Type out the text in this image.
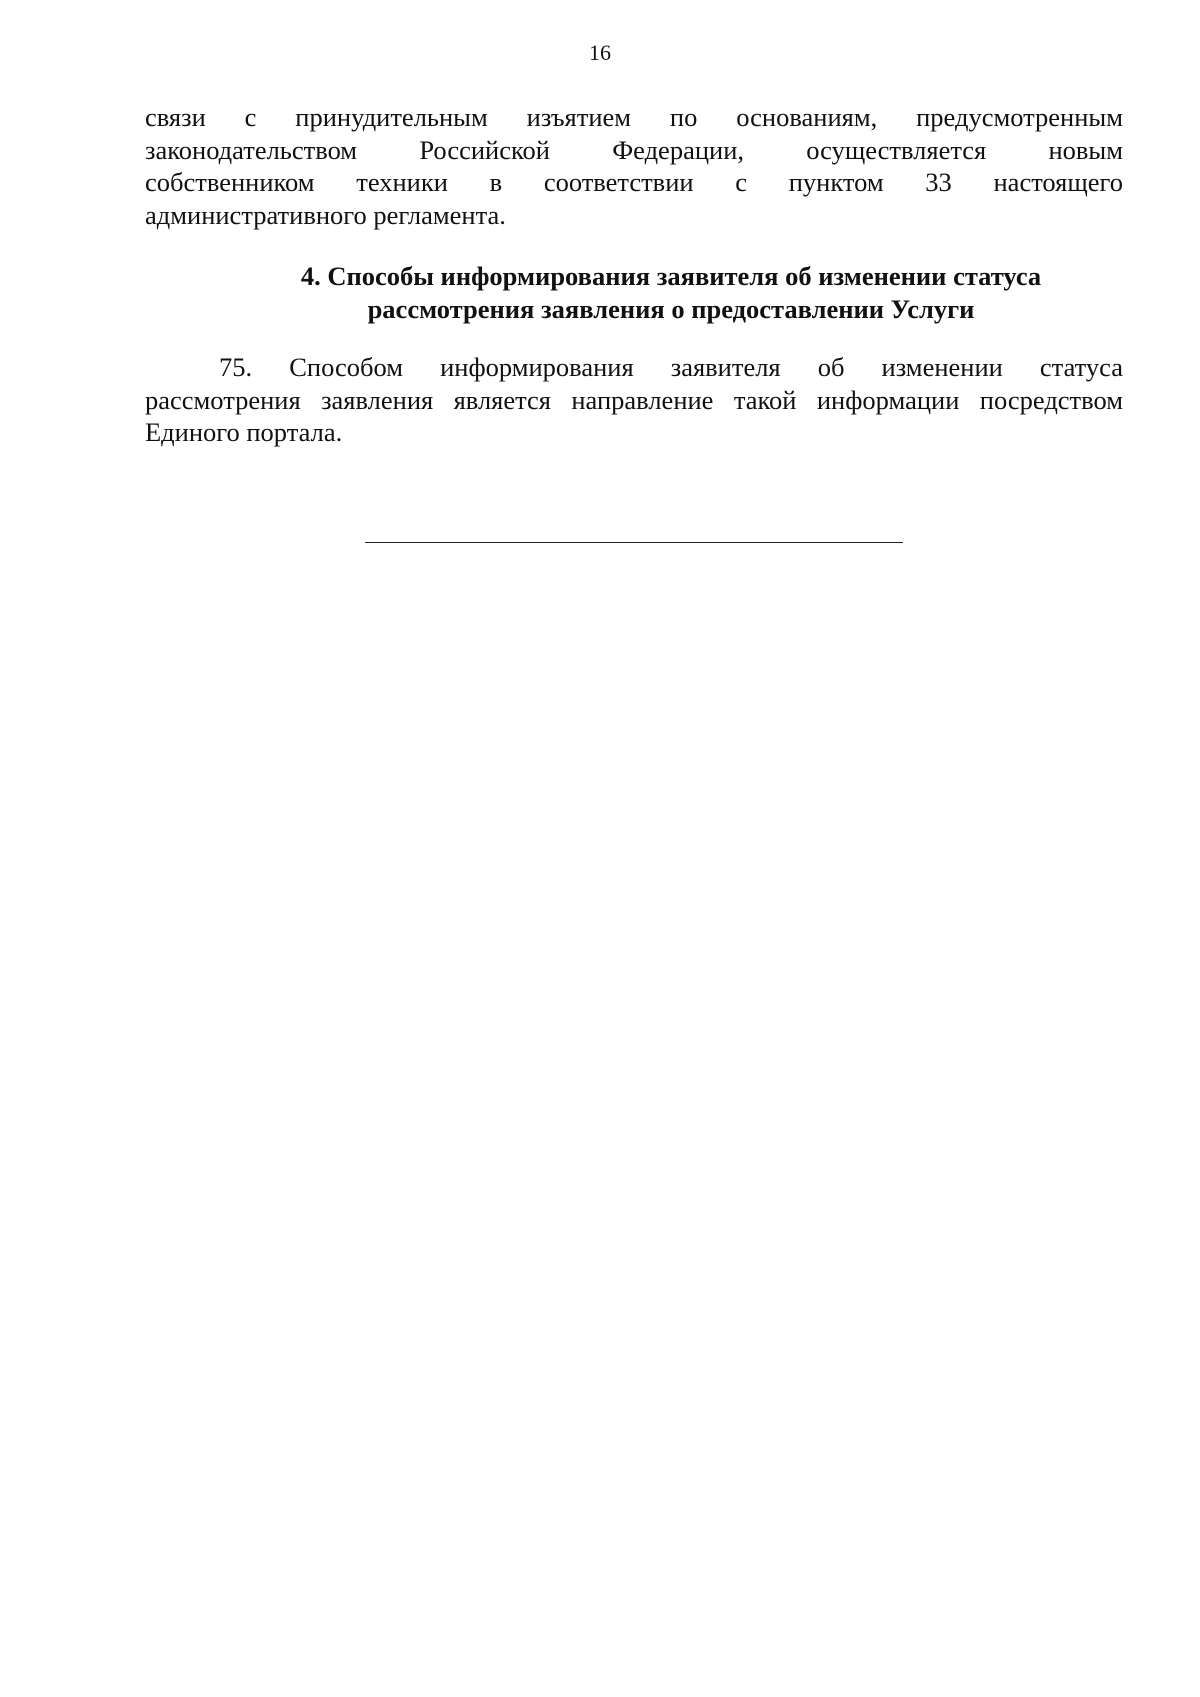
16
связи с принудительным изъятием по основаниям, предусмотренным
законодательством Российской Федерации, осуществляется новым
собственником техники в соответствии с пунктом 33 настоящего
административного регламента.
4. Способы информирования заявителя об изменении статуса
рассмотрения заявления о предоставлении Услуги
75. Способом информирования заявителя об изменении статуса
рассмотрения заявления является направление такой информации посредством
Единого портала.
